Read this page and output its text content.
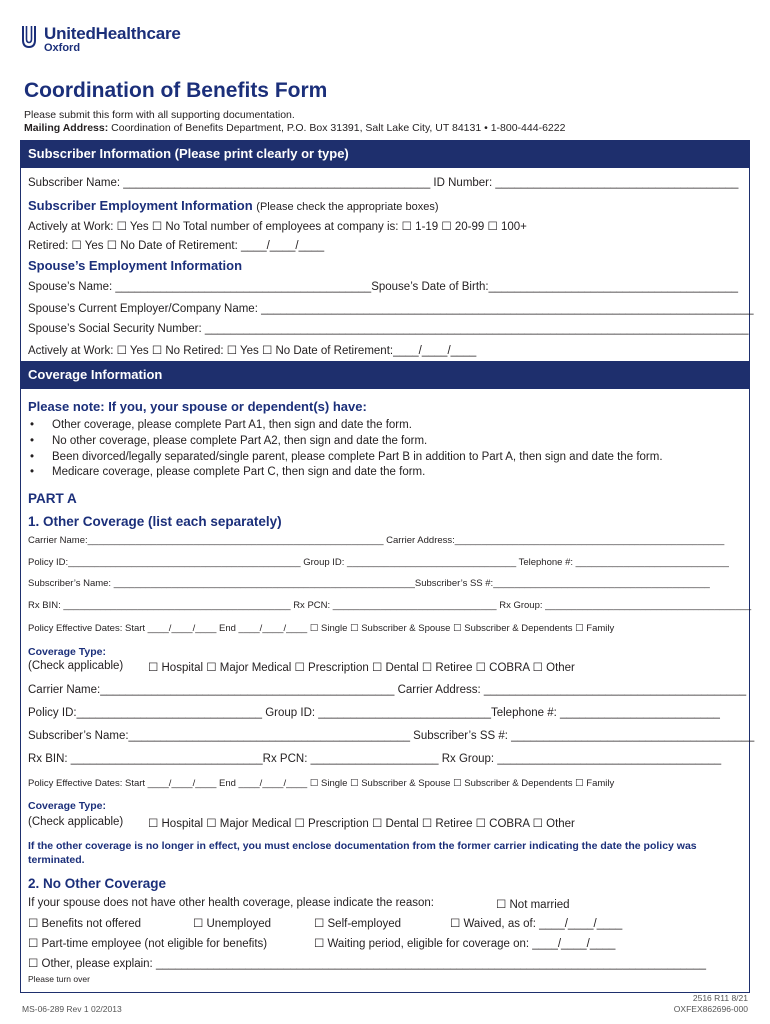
UnitedHealthcare
Oxford
Coordination of Benefits Form
Please submit this form with all supporting documentation.
Mailing Address: Coordination of Benefits Department, P.O. Box 31391, Salt Lake City, UT 84131 • 1-800-444-6222
Subscriber Information (Please print clearly or type)
Subscriber Name: ________________________________________________ ID Number: ______________________________________
Subscriber Employment Information (Please check the appropriate boxes)
Actively at Work: ☐ Yes ☐ No Total number of employees at company is: ☐ 1-19 ☐ 20-99 ☐ 100+
Retired: ☐ Yes ☐ No Date of Retirement: ____/____/____
Spouse’s Employment Information
Spouse’s Name: ________________________________________Spouse’s Date of Birth:_______________________________________
Spouse’s Current Employer/Company Name: _____________________________________________________________________________
Spouse’s Social Security Number: _____________________________________________________________________________________
Actively at Work: ☐ Yes ☐ No Retired: ☐ Yes ☐ No Date of Retirement:____/____/____
Coverage Information
Please note: If you, your spouse or dependent(s) have:
• Other coverage, please complete Part A1, then sign and date the form.
• No other coverage, please complete Part A2, then sign and date the form.
• Been divorced/legally separated/single parent, please complete Part B in addition to Part A, then sign and date the form.
• Medicare coverage, please complete Part C, then sign and date the form.
PART A
1. Other Coverage (list each separately)
Carrier Name:________________________________________________________ Carrier Address:___________________________________________________
Policy ID:____________________________________________ Group ID: ________________________________ Telephone #: _____________________________
Subscriber’s Name: _________________________________________________________Subscriber’s SS #:_________________________________________
Rx BIN: ___________________________________________ Rx PCN: _______________________________ Rx Group: _______________________________________
Policy Effective Dates: Start ____/____/____ End ____/____/____ ☐ Single ☐ Subscriber & Spouse ☐ Subscriber & Dependents ☐ Family
Coverage Type:
(Check applicable) ☐ Hospital ☐ Major Medical ☐ Prescription ☐ Dental ☐ Retiree ☐ COBRA ☐ Other
Carrier Name:______________________________________________ Carrier Address: _________________________________________
Policy ID:_____________________________ Group ID: ___________________________Telephone #: _________________________
Subscriber’s Name:____________________________________________ Subscriber’s SS #: ______________________________________
Rx BIN: ______________________________Rx PCN: ____________________ Rx Group: ___________________________________
Policy Effective Dates: Start ____/____/____ End ____/____/____ ☐ Single ☐ Subscriber & Spouse ☐ Subscriber & Dependents ☐ Family
Coverage Type:
(Check applicable) ☐ Hospital ☐ Major Medical ☐ Prescription ☐ Dental ☐ Retiree ☐ COBRA ☐ Other
If the other coverage is no longer in effect, you must enclose documentation from the former carrier indicating the date the policy was terminated.
2. No Other Coverage
If your spouse does not have other health coverage, please indicate the reason:	☐ Not married
☐ Benefits not offered	☐ Unemployed	☐ Self-employed	☐ Waived, as of: ____/____/____
☐ Part-time employee (not eligible for benefits)	☐ Waiting period, eligible for coverage on: ____/____/____
☐ Other, please explain: ______________________________________________________________________________________
Please turn over
MS-06-289 Rev 1 02/2013
2516 R11 8/21
OXFEX862696-000
